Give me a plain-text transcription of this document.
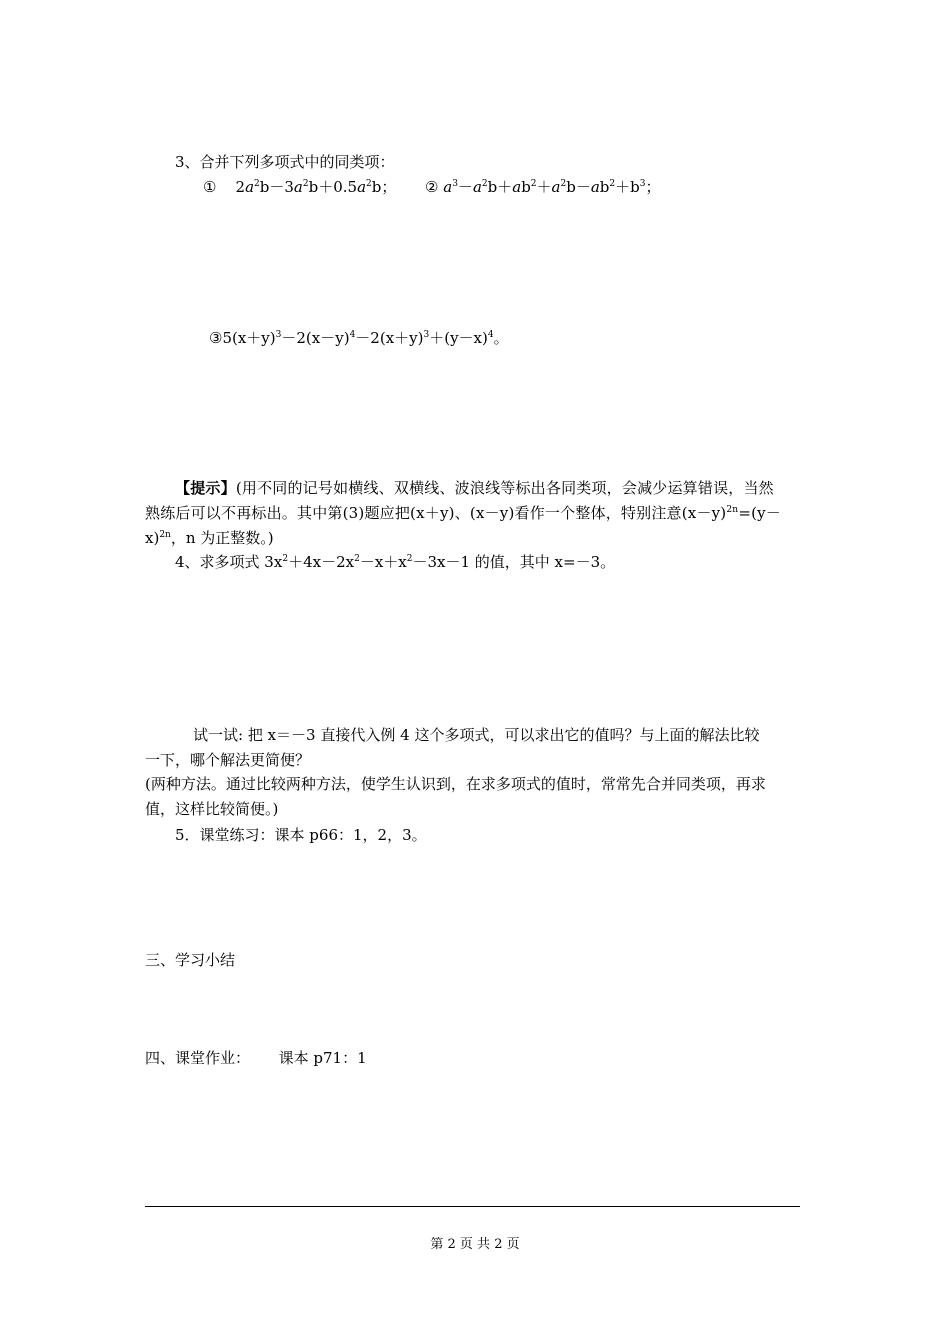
3、合并下列多项式中的同类项：
① $2a^2b-3a^2b+0.5a^2b$； ② $a^3-a^2b+ab^2+a^2b-ab^2+b^3$；
$③5(x+y)^3-2(x-y)^4-2(x+y)^3+(y-x)^4$。
【提示】(用不同的记号如横线、双横线、波浪线等标出各同类项，会减少运算错误，当然
熟练后可以不再标出。其中第(3)题应把(x＋y)、(x－y)看作一个整体，特别注意$(x-y)^{2n}=(y-$
x)$^{2n}$，n 为正整数。)
4、求多项式 $3x^2+4x-2x^2-x+x^2-3x-1$ 的值，其中 x=－3。
试一试: 把 x＝－3 直接代入例 4 这个多项式，可以求出它的值吗？与上面的解法比较
一下，哪个解法更简便？
(两种方法。通过比较两种方法，使学生认识到，在求多项式的值时，常常先合并同类项，再求
值，这样比较简便。)
5．课堂练习：课本 p66：1，2，3。
三、学习小结
四、课堂作业： 课本 p71：1
第 2 页 共 2 页
